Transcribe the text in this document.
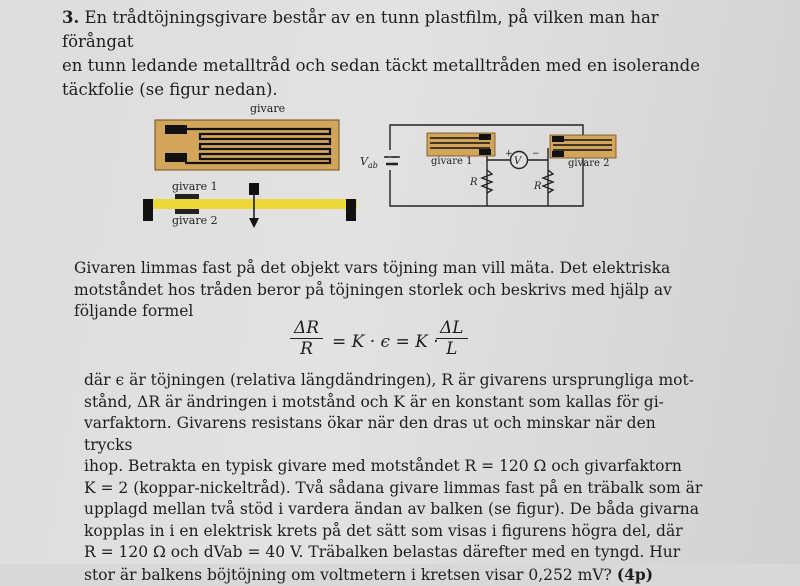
3. En trådtöjningsgivare består av en tunn plastfilm, på vilken man har förångat
en tunn ledande metalltråd och sedan täckt metalltråden med en isolerande
täckfolie (se figur nedan).
givare
givare 1
givare 2
$V_{ab}$	givare 1	givare 2
V
+ −
R	R
Givaren limmas fast på det objekt vars töjning man vill mäta. Det elektriska
motståndet hos tråden beror på töjningen storlek och beskrivs med hjälp av
följande formel
$\frac{\Delta R}{R} = K \cdot \epsilon = K$ ·
$\frac{\Delta L}{L}$
där ϵ är töjningen (relativa längdändringen), R är givarens ursprungliga mot-
stånd, ΔR är ändringen i motstånd och K är en konstant som kallas för gi-
varfaktorn. Givarens resistans ökar när den dras ut och minskar när den trycks
ihop. Betrakta en typisk givare med motståndet R = 120 Ω och givarfaktorn
K = 2 (koppar-nickeltråd). Två sådana givare limmas fast på en träbalk som är
upplagd mellan två stöd i vardera ändan av balken (se figur). De båda givarna
kopplas in i en elektrisk krets på det sätt som visas i figurens högra del, där
R = 120 Ω och dVab = 40 V. Träbalken belastas därefter med en tyngd. Hur
stor är balkens böjtöjning om voltmetern i kretsen visar 0,252 mV? (4p)
